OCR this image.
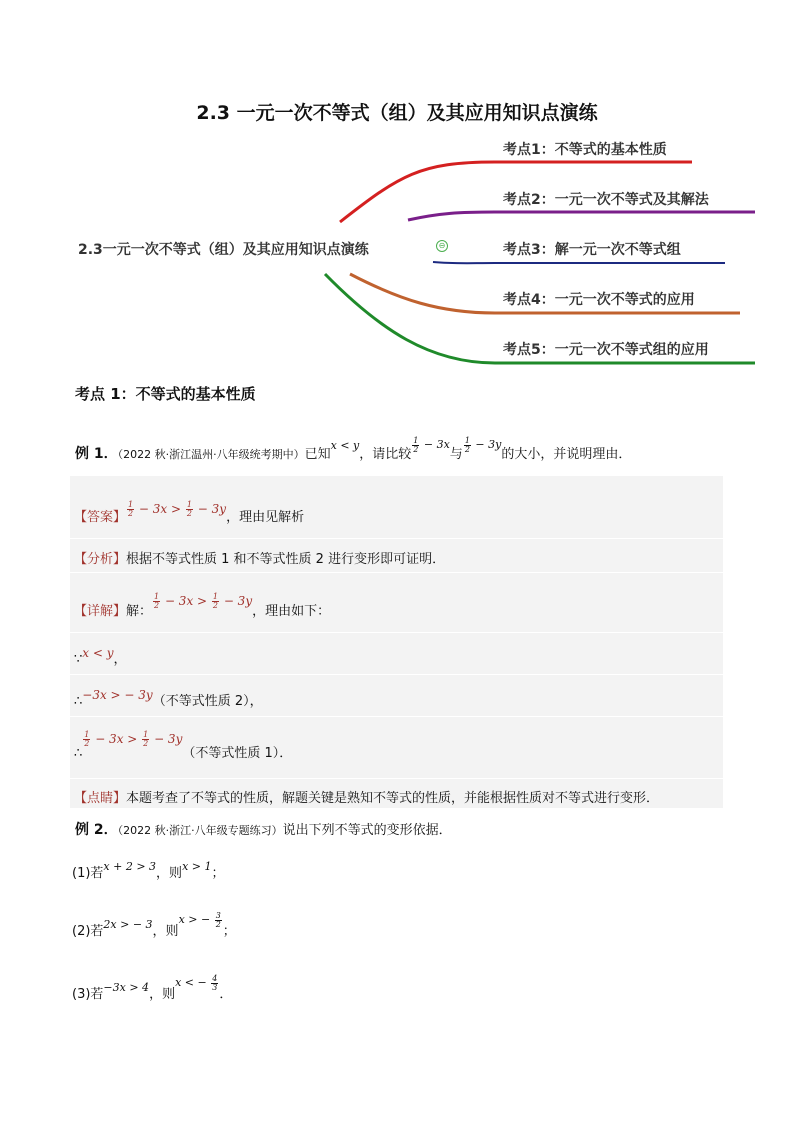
2.3 一元一次不等式（组）及其应用知识点演练
2.3一元一次不等式（组）及其应用知识点演练	⊖
考点1：不等式的基本性质
考点2：一元一次不等式及其解法
考点3：解一元一次不等式组
考点4：一元一次不等式的应用
考点5：一元一次不等式组的应用
考点 1：不等式的基本性质
例 1．（2022 秋·浙江温州·八年级统考期中）已知$^{x < y}$，请比较
$^{\frac{1}{2} - 3x}$与
$^{\frac{1}{2} - 3y}$的大小，并说明理由．
【答案】 $\frac{1}{2} - 3x > \frac{1}{2} - 3y$，理由见解析
【分析】根据不等式性质 1 和不等式性质 2 进行变形即可证明．
【详解】解：
$\frac{1}{2} - 3x > \frac{1}{2} - 3y$，理由如下：
∵x < y，
∴−3x > − 3y（不等式性质 2），
∴
$\frac{1}{2} - 3x > \frac{1}{2} - 3y$（不等式性质 1）．
【点睛】本题考查了不等式的性质，解题关键是熟知不等式的性质，并能根据性质对不等式进行变形．
例 2．（2022 秋·浙江·八年级专题练习）说出下列不等式的变形依据．
(1)若$^{x + 2 > 3}$，则$^{x > 1}$；
(2)若$^{2x > - 3}$，则$^{x > - \frac{3}{2}}$
；
(3)若$^{-3x > 4}$，则$^{x < - \frac{4}{3}}$
．
